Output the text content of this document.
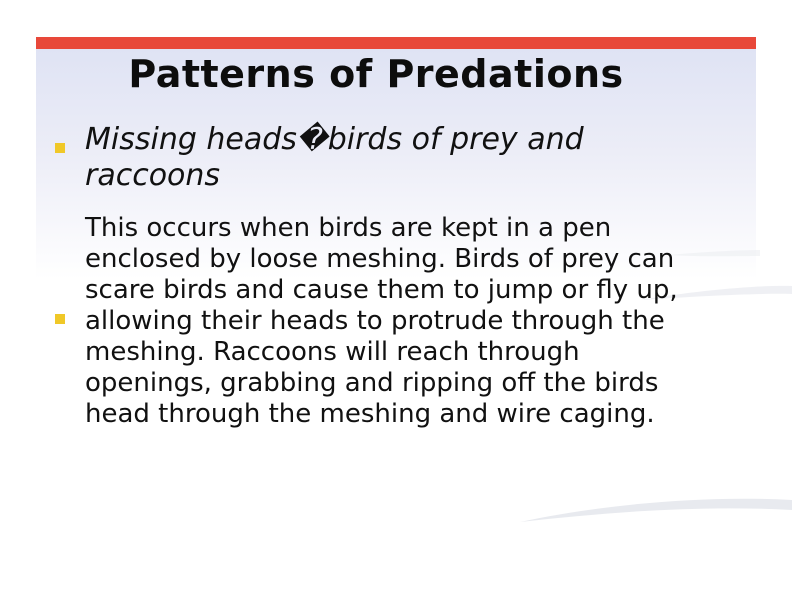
Patterns of Predations
Missing heads�birds of prey and raccoons
This occurs when birds are kept in a pen enclosed by loose meshing. Birds of prey can scare birds and cause them to jump or fly up, allowing their heads to protrude through the meshing. Raccoons will reach through openings, grabbing and ripping off the birds head through the meshing and wire caging.
